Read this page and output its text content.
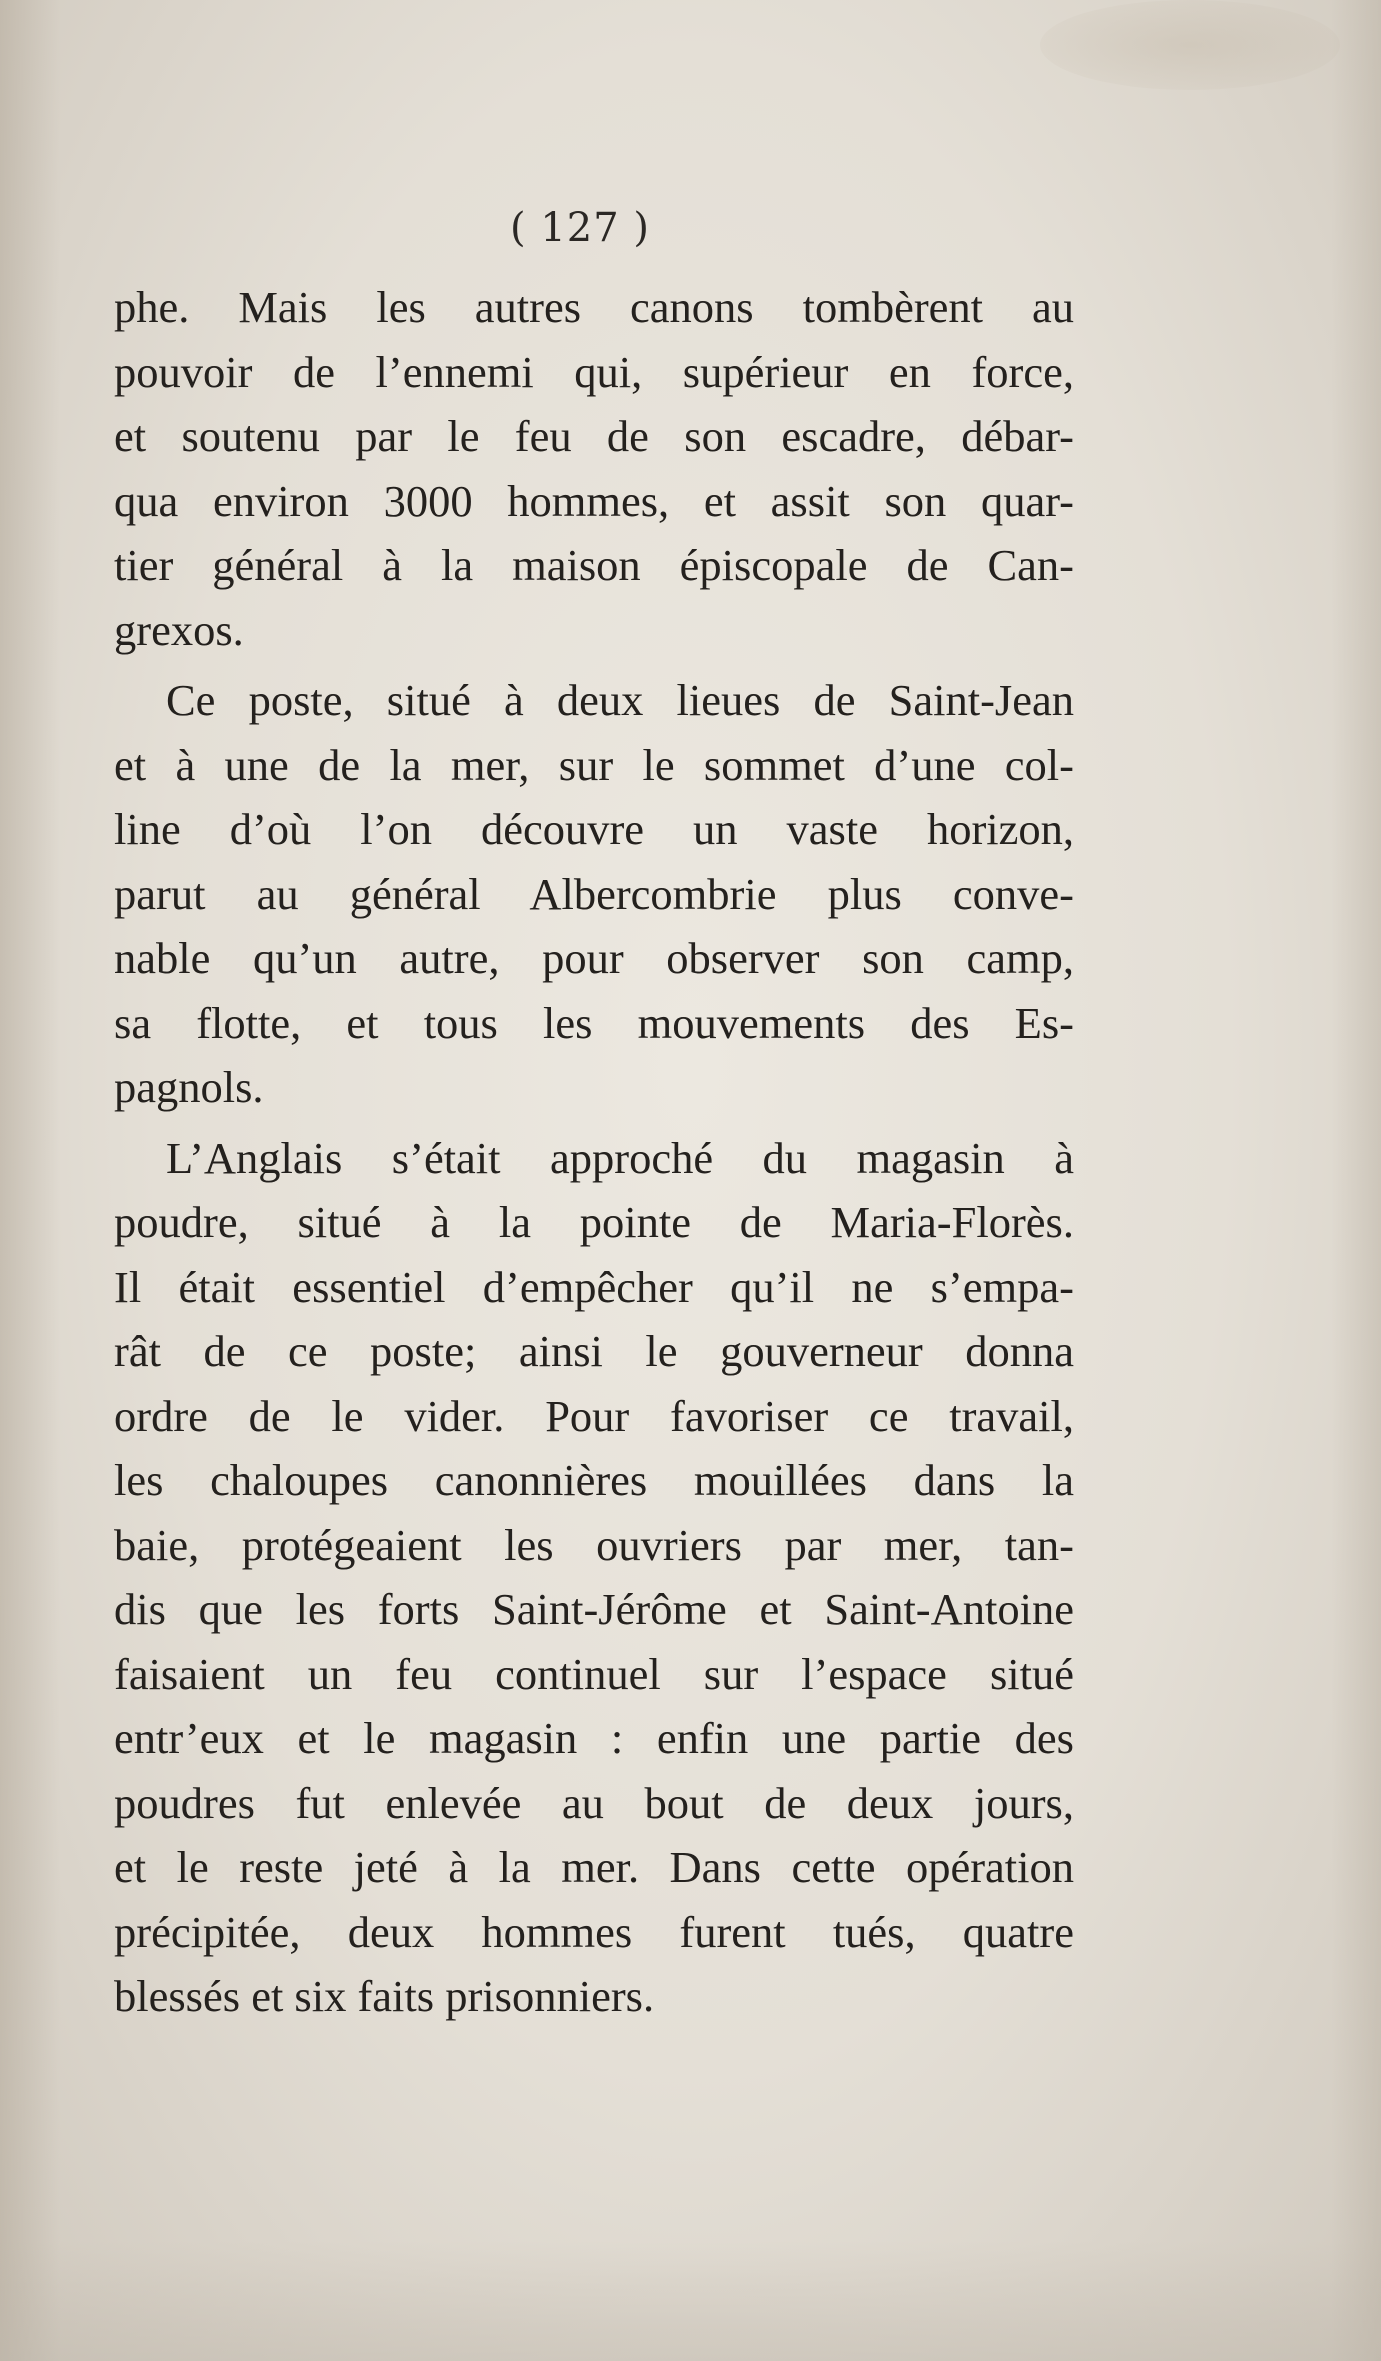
( 127 )
phe. Mais les autres canons tombèrent au
pouvoir de l’ennemi qui, supérieur en force,
et soutenu par le feu de son escadre, débar-
qua environ 3000 hommes, et assit son quar-
tier général à la maison épiscopale de Can-
grexos.
Ce poste, situé à deux lieues de Saint-Jean
et à une de la mer, sur le sommet d’une col-
line d’où l’on découvre un vaste horizon,
parut au général Albercombrie plus conve-
nable qu’un autre, pour observer son camp,
sa flotte, et tous les mouvements des Es-
pagnols.
L’Anglais s’était approché du magasin à
poudre, situé à la pointe de Maria-Florès.
Il était essentiel d’empêcher qu’il ne s’empa-
rât de ce poste; ainsi le gouverneur donna
ordre de le vider. Pour favoriser ce travail,
les chaloupes canonnières mouillées dans la
baie, protégeaient les ouvriers par mer, tan-
dis que les forts Saint-Jérôme et Saint-Antoine
faisaient un feu continuel sur l’espace situé
entr’eux et le magasin : enfin une partie des
poudres fut enlevée au bout de deux jours,
et le reste jeté à la mer. Dans cette opération
précipitée, deux hommes furent tués, quatre
blessés et six faits prisonniers.
